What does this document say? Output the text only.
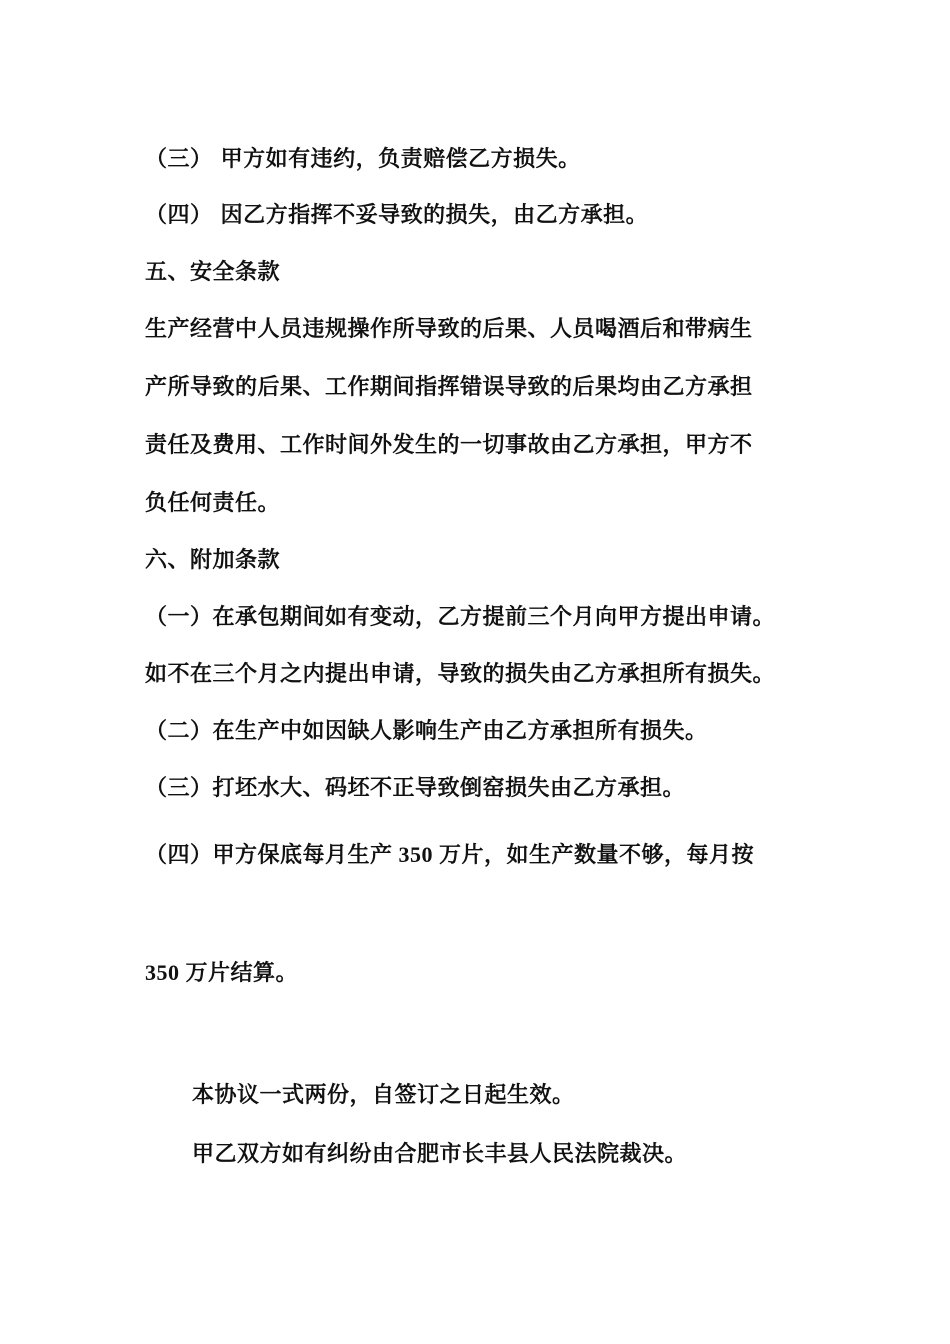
（三） 甲方如有违约，负责赔偿乙方损失。

（四） 因乙方指挥不妥导致的损失，由乙方承担。

五、安全条款

生产经营中人员违规操作所导致的后果、人员喝酒后和带病生

产所导致的后果、工作期间指挥错误导致的后果均由乙方承担

责任及费用、工作时间外发生的一切事故由乙方承担，甲方不

负任何责任。

六、附加条款

（一）在承包期间如有变动，乙方提前三个月向甲方提出申请。

如不在三个月之内提出申请，导致的损失由乙方承担所有损失。

（二）在生产中如因缺人影响生产由乙方承担所有损失。

（三）打坯水大、码坯不正导致倒窑损失由乙方承担。

（四）甲方保底每月生产 350 万片，如生产数量不够，每月按

350 万片结算。

本协议一式两份，自签订之日起生效。

甲乙双方如有纠纷由合肥市长丰县人民法院裁决。
